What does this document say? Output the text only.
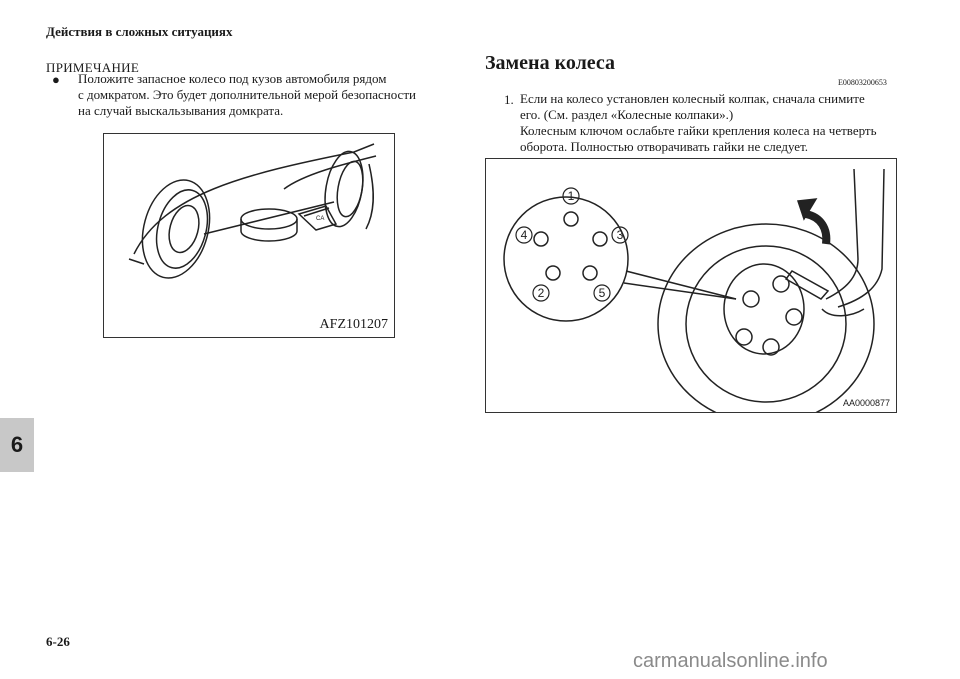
Действия в сложных ситуациях
ПРИМЕЧАНИЕ
● Положите запасное колесо под кузов автомобиля рядом
с домкратом. Это будет дополнительной мерой безопасности
на случай выскальзывания домкрата.
CA
AFZ101207
Замена колеса
E00803200653
1. Если на колесо установлен колесный колпак, сначала снимите
его. (См. раздел «Колесные колпаки».)
Колесным ключом ослабьте гайки крепления колеса на четверть
оборота. Полностью отворачивать гайки не следует.
1
4	3
2	5
AA0000877
6
6-26
carmanualsonline.info
